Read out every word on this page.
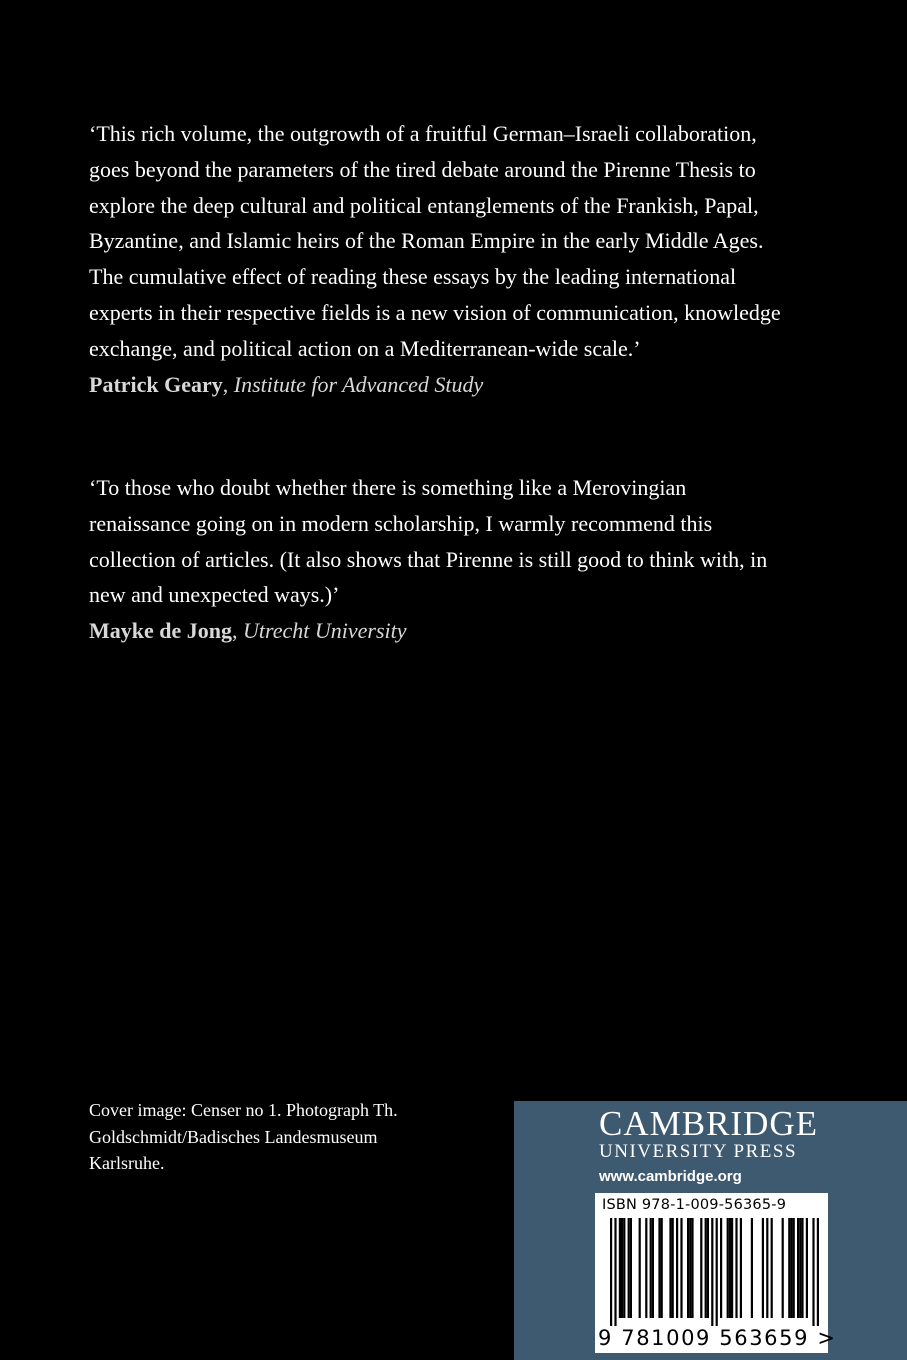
‘This rich volume, the outgrowth of a fruitful German–Israeli collaboration, goes beyond the parameters of the tired debate around the Pirenne Thesis to explore the deep cultural and political entanglements of the Frankish, Papal, Byzantine, and Islamic heirs of the Roman Empire in the early Middle Ages. The cumulative effect of reading these essays by the leading international experts in their respective fields is a new vision of communication, knowledge exchange, and political action on a Mediterranean-wide scale.’

Patrick Geary, Institute for Advanced Study

‘To those who doubt whether there is something like a Merovingian renaissance going on in modern scholarship, I warmly recommend this collection of articles. (It also shows that Pirenne is still good to think with, in new and unexpected ways.)’

Mayke de Jong, Utrecht University

Cover image: Censer no 1. Photograph Th. Goldschmidt/Badisches Landesmuseum Karlsruhe.
CAMBRIDGE
UNIVERSITY PRESS
www.cambridge.org
ISBN 978-1-009-56365-9
9 781009 563659 >
